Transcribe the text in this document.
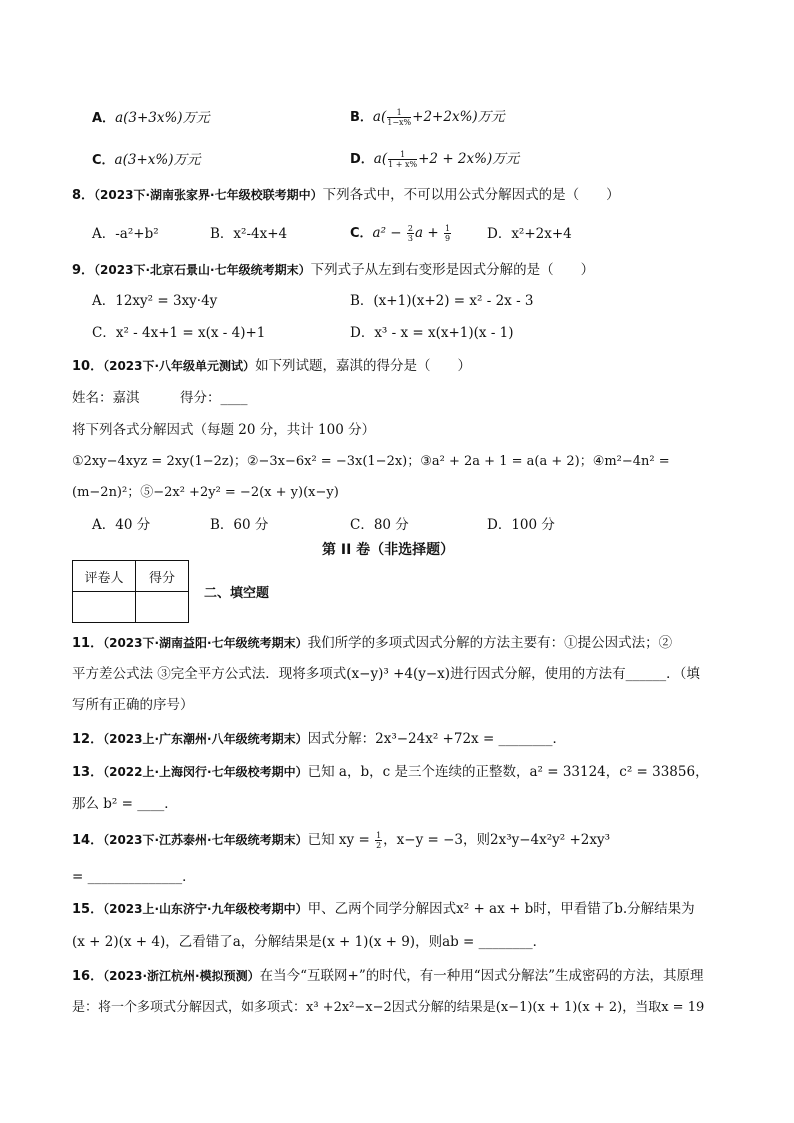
A．a(3+3x%)万元	B．$a( \frac{1}{1-x\%} +2+2x\%)$万元
C．a(3+x%)万元	D．$a( \frac{1}{1 + x\%} +2 + 2x\%)$万元
8．（2023下·湖南张家界·七年级校联考期中）下列各式中，不可以用公式分解因式的是（　　）
A．-a²+b²	B．x²-4x+4	C．$a^2 - \frac{2}{3}$ $a + \frac{1}{9}$	D．x²+2x+4
9．（2023下·北京石景山·七年级统考期末）下列式子从左到右变形是因式分解的是（　　）
A．12xy² = 3xy·4y	B．(x+1)(x+2) = x² - 2x - 3
C．x² - 4x+1 = x(x - 4)+1	D．x³ - x = x(x+1)(x - 1)
10．（2023下·八年级单元测试）如下列试题，嘉淇的得分是（　　）
姓名：嘉淇　　　得分：____
将下列各式分解因式（每题 20 分，共计 100 分）
①2xy−4xyz = 2xy(1−2z)；②−3x−6x² = −3x(1−2x)；③a² + 2a + 1 = a(a + 2)；④m²−4n² =
(m−2n)²；⑤−2x² +2y² = −2(x + y)(x−y)
A．40 分	B．60 分	C．80 分	D．100 分
第 II 卷（非选择题）
评卷人	得分

二、填空题
11．（2023下·湖南益阳·七年级统考期末）我们所学的多项式因式分解的方法主要有：①提公因式法；②
平方差公式法 ③完全平方公式法．现将多项式(x−y)³ +4(y−x)进行因式分解，使用的方法有______．（填
写所有正确的序号）
12．（2023上·广东潮州·八年级统考期末）因式分解：2x³−24x² +72x = ________．
13．（2022上·上海闵行·七年级校考期中）已知 a，b，c 是三个连续的正整数，a² = 33124，c² = 33856，
那么 b² = ____．
14．（2023下·江苏泰州·七年级统考期末）已知 xy = $\frac{1}{2}$ ，x−y = −3，则2x³y−4x²y² +2xy³
= ______________．
15．（2023上·山东济宁·九年级校考期中）甲、乙两个同学分解因式x² + ax + b时，甲看错了b.分解结果为
(x + 2)(x + 4)，乙看错了a，分解结果是(x + 1)(x + 9)，则ab = ________．
16．（2023·浙江杭州·模拟预测）在当今“互联网+”的时代，有一种用“因式分解法”生成密码的方法，其原理
是：将一个多项式分解因式，如多项式：x³ +2x²−x−2因式分解的结果是(x−1)(x + 1)(x + 2)，当取x = 19
